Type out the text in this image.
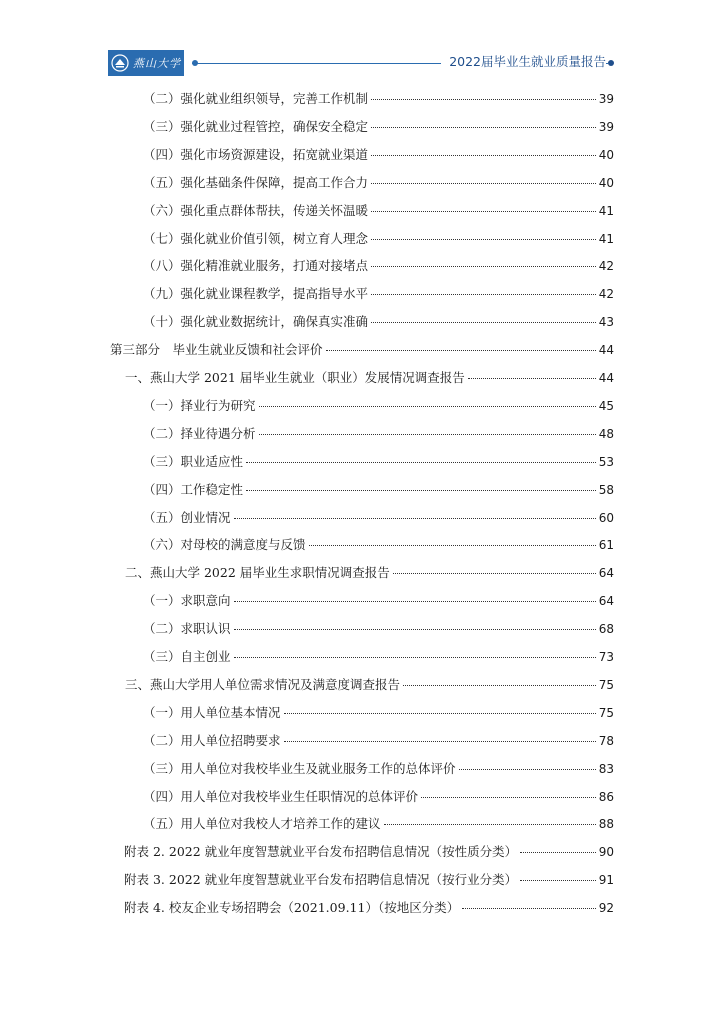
燕山大学	2022届毕业生就业质量报告
（二）强化就业组织领导，完善工作机制	39
（三）强化就业过程管控，确保安全稳定	39
（四）强化市场资源建设，拓宽就业渠道	40
（五）强化基础条件保障，提高工作合力	40
（六）强化重点群体帮扶，传递关怀温暖	41
（七）强化就业价值引领，树立育人理念	41
（八）强化精准就业服务，打通对接堵点	42
（九）强化就业课程教学，提高指导水平	42
（十）强化就业数据统计，确保真实准确	43
第三部分　毕业生就业反馈和社会评价	44
一、燕山大学 2021 届毕业生就业（职业）发展情况调查报告	44
（一）择业行为研究	45
（二）择业待遇分析	48
（三）职业适应性	53
（四）工作稳定性	58
（五）创业情况	60
（六）对母校的满意度与反馈	61
二、燕山大学 2022 届毕业生求职情况调查报告	64
（一）求职意向	64
（二）求职认识	68
（三）自主创业	73
三、燕山大学用人单位需求情况及满意度调查报告	75
（一）用人单位基本情况	75
（二）用人单位招聘要求	78
（三）用人单位对我校毕业生及就业服务工作的总体评价	83
（四）用人单位对我校毕业生任职情况的总体评价	86
（五）用人单位对我校人才培养工作的建议	88
附表 2. 2022 就业年度智慧就业平台发布招聘信息情况（按性质分类）	90
附表 3. 2022 就业年度智慧就业平台发布招聘信息情况（按行业分类）	91
附表 4. 校友企业专场招聘会（2021.09.11）（按地区分类）	92
